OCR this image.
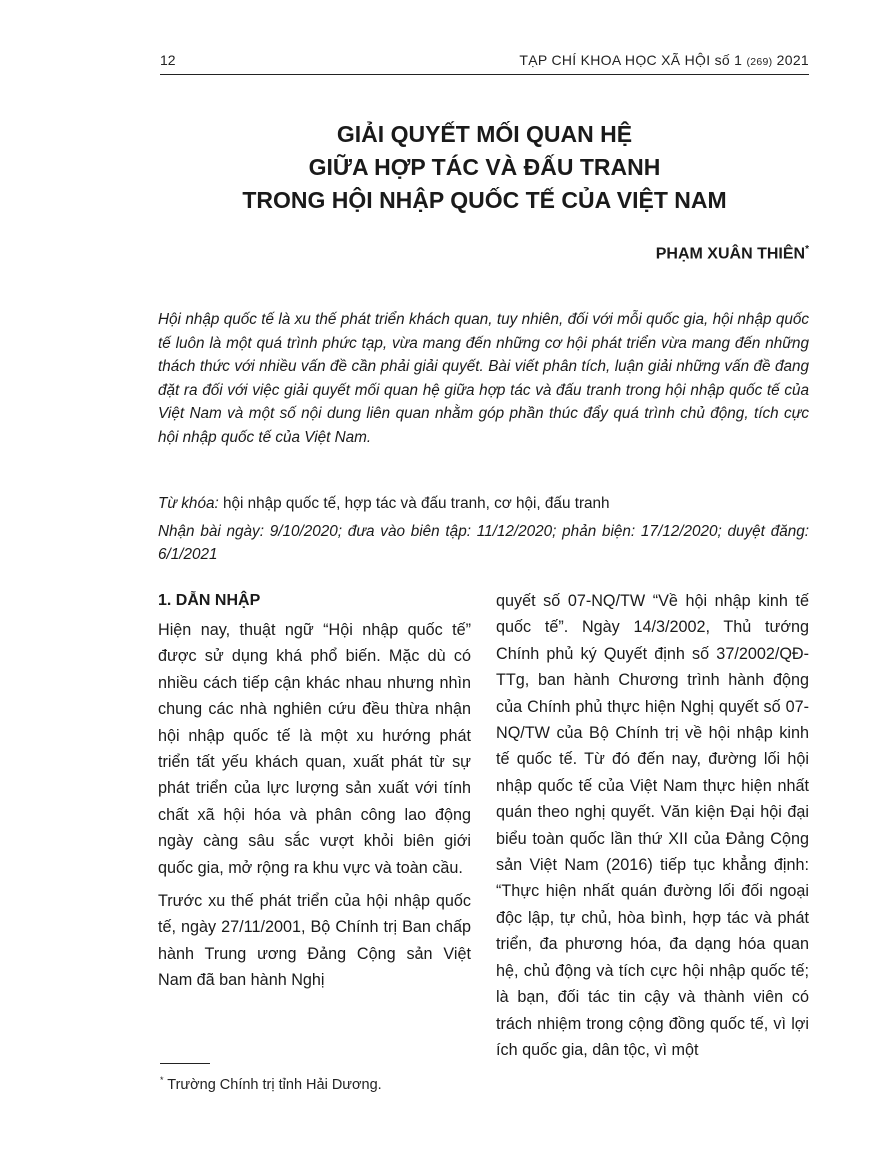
12	TẠP CHÍ KHOA HỌC XÃ HỘI số 1 (269) 2021
GIẢI QUYẾT MỐI QUAN HỆ
GIỮA HỢP TÁC VÀ ĐẤU TRANH
TRONG HỘI NHẬP QUỐC TẾ CỦA VIỆT NAM
PHẠM XUÂN THIÊN*
Hội nhập quốc tế là xu thế phát triển khách quan, tuy nhiên, đối với mỗi quốc gia, hội nhập quốc tế luôn là một quá trình phức tạp, vừa mang đến những cơ hội phát triển vừa mang đến những thách thức với nhiều vấn đề cần phải giải quyết. Bài viết phân tích, luận giải những vấn đề đang đặt ra đối với việc giải quyết mối quan hệ giữa hợp tác và đấu tranh trong hội nhập quốc tế của Việt Nam và một số nội dung liên quan nhằm góp phần thúc đẩy quá trình chủ động, tích cực hội nhập quốc tế của Việt Nam.
Từ khóa: hội nhập quốc tế, hợp tác và đấu tranh, cơ hội, đấu tranh
Nhận bài ngày: 9/10/2020; đưa vào biên tập: 11/12/2020; phản biện: 17/12/2020; duyệt đăng: 6/1/2021
1. DẪN NHẬP

Hiện nay, thuật ngữ “Hội nhập quốc tế” được sử dụng khá phổ biến. Mặc dù có nhiều cách tiếp cận khác nhau nhưng nhìn chung các nhà nghiên cứu đều thừa nhận hội nhập quốc tế là một xu hướng phát triển tất yếu khách quan, xuất phát từ sự phát triển của lực lượng sản xuất với tính chất xã hội hóa và phân công lao động ngày càng sâu sắc vượt khỏi biên giới quốc gia, mở rộng ra khu vực và toàn cầu.

Trước xu thế phát triển của hội nhập quốc tế, ngày 27/11/2001, Bộ Chính trị Ban chấp hành Trung ương Đảng Cộng sản Việt Nam đã ban hành Nghị

quyết số 07-NQ/TW “Về hội nhập kinh tế quốc tế”. Ngày 14/3/2002, Thủ tướng Chính phủ ký Quyết định số 37/2002/QĐ-TTg, ban hành Chương trình hành động của Chính phủ thực hiện Nghị quyết số 07-NQ/TW của Bộ Chính trị về hội nhập kinh tế quốc tế. Từ đó đến nay, đường lối hội nhập quốc tế của Việt Nam thực hiện nhất quán theo nghị quyết. Văn kiện Đại hội đại biểu toàn quốc lần thứ XII của Đảng Cộng sản Việt Nam (2016) tiếp tục khẳng định: “Thực hiện nhất quán đường lối đối ngoại độc lập, tự chủ, hòa bình, hợp tác và phát triển, đa phương hóa, đa dạng hóa quan hệ, chủ động và tích cực hội nhập quốc tế; là bạn, đối tác tin cậy và thành viên có trách nhiệm trong cộng đồng quốc tế, vì lợi ích quốc gia, dân tộc, vì một

* Trường Chính trị tỉnh Hải Dương.
